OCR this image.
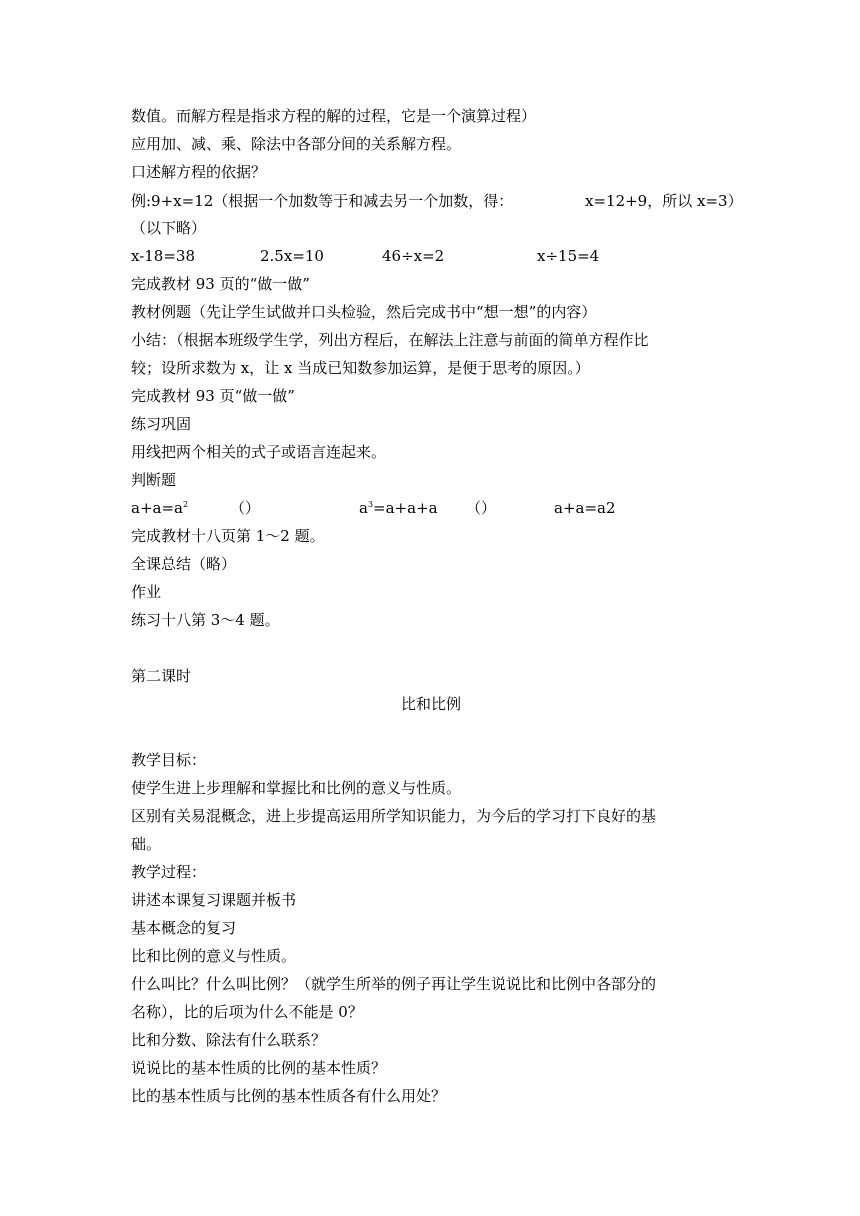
数值。而解方程是指求方程的解的过程，它是一个演算过程）
应用加、减、乘、除法中各部分间的关系解方程。
口述解方程的依据？
例:9+x=12（根据一个加数等于和减去另一个加数，得：	x=12+9，所以 x=3）
（以下略）
x-18=38	2.5x=10	46÷x=2	x÷15=4
完成教材 93 页的“做一做”
教材例题（先让学生试做并口头检验，然后完成书中“想一想”的内容）
小结：（根据本班级学生学，列出方程后，在解法上注意与前面的简单方程作比
较；设所求数为 x，让 x 当成已知数参加运算，是便于思考的原因。）
完成教材 93 页“做一做”
练习巩固
用线把两个相关的式子或语言连起来。
判断题
$a+a=a^2$	（）	$a^3=a+a+a$ （）	a+a=a2
完成教材十八页第 1～2 题。
全课总结（略）
作业
练习十八第 3～4 题。
第二课时
比和比例
教学目标：
使学生进上步理解和掌握比和比例的意义与性质。
区别有关易混概念，进上步提高运用所学知识能力，为今后的学习打下良好的基
础。
教学过程：
讲述本课复习课题并板书
基本概念的复习
比和比例的意义与性质。
什么叫比？什么叫比例？（就学生所举的例子再让学生说说比和比例中各部分的
名称），比的后项为什么不能是 0？
比和分数、除法有什么联系？
说说比的基本性质的比例的基本性质？
比的基本性质与比例的基本性质各有什么用处？
